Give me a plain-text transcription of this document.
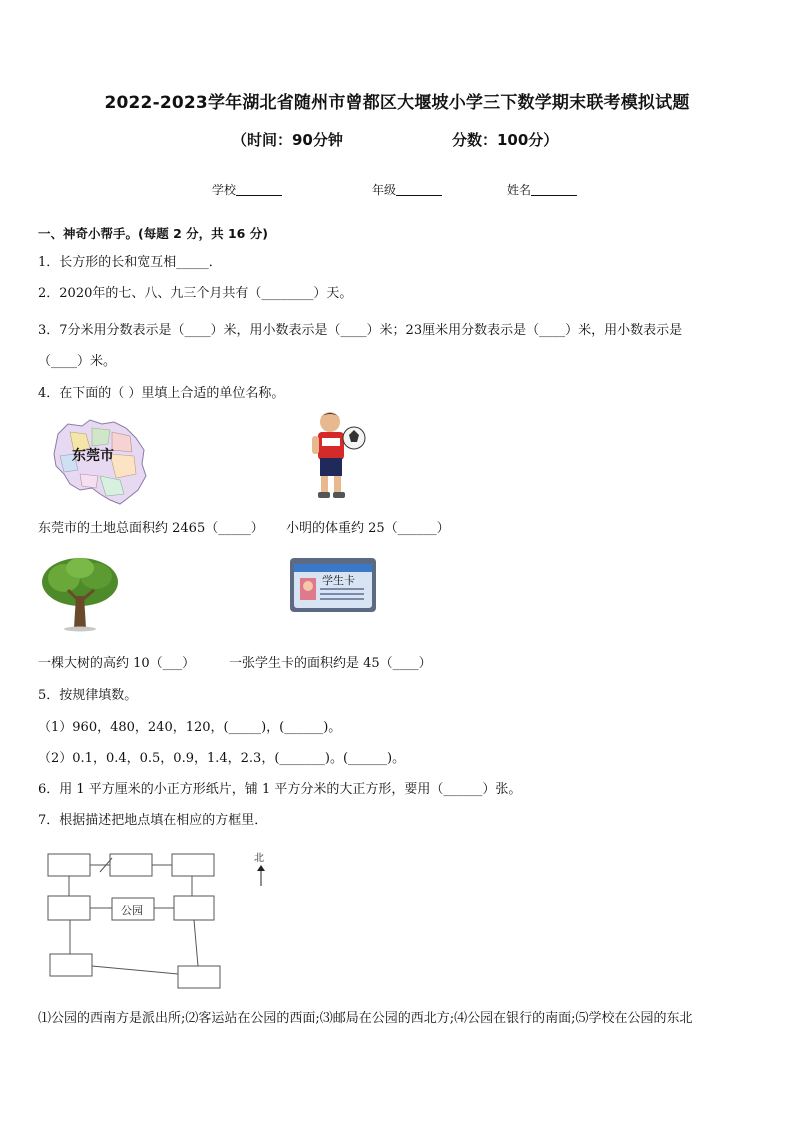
2022-2023学年湖北省随州市曾都区大堰坡小学三下数学期末联考模拟试题
（时间：90分钟	分数：100分）
学校	年级	姓名
一、神奇小帮手。(每题 2 分，共 16 分)
1．长方形的长和宽互相_____．
2．2020年的七、八、九三个月共有（________）天。
3．7分米用分数表示是（____）米，用小数表示是（____）米；23厘米用分数表示是（____）米，用小数表示是
（____）米。
4．在下面的（ ）里填上合适的单位名称。
东莞市
东莞市的土地总面积约 2465（_____） 小明的体重约 25（______）
学生卡
一棵大树的高约 10（___）	一张学生卡的面积约是 45（____）
5．按规律填数。
（1）960，480，240，120，(_____)，(______)。
（2）0.1，0.4，0.5，0.9，1.4，2.3，(_______)。(______)。
6．用 1 平方厘米的小正方形纸片，铺 1 平方分米的大正方形，要用（______）张。
7．根据描述把地点填在相应的方框里．
公园
北
⑴公园的西南方是派出所;⑵客运站在公园的西面;⑶邮局在公园的西北方;⑷公园在银行的南面;⑸学校在公园的东北
